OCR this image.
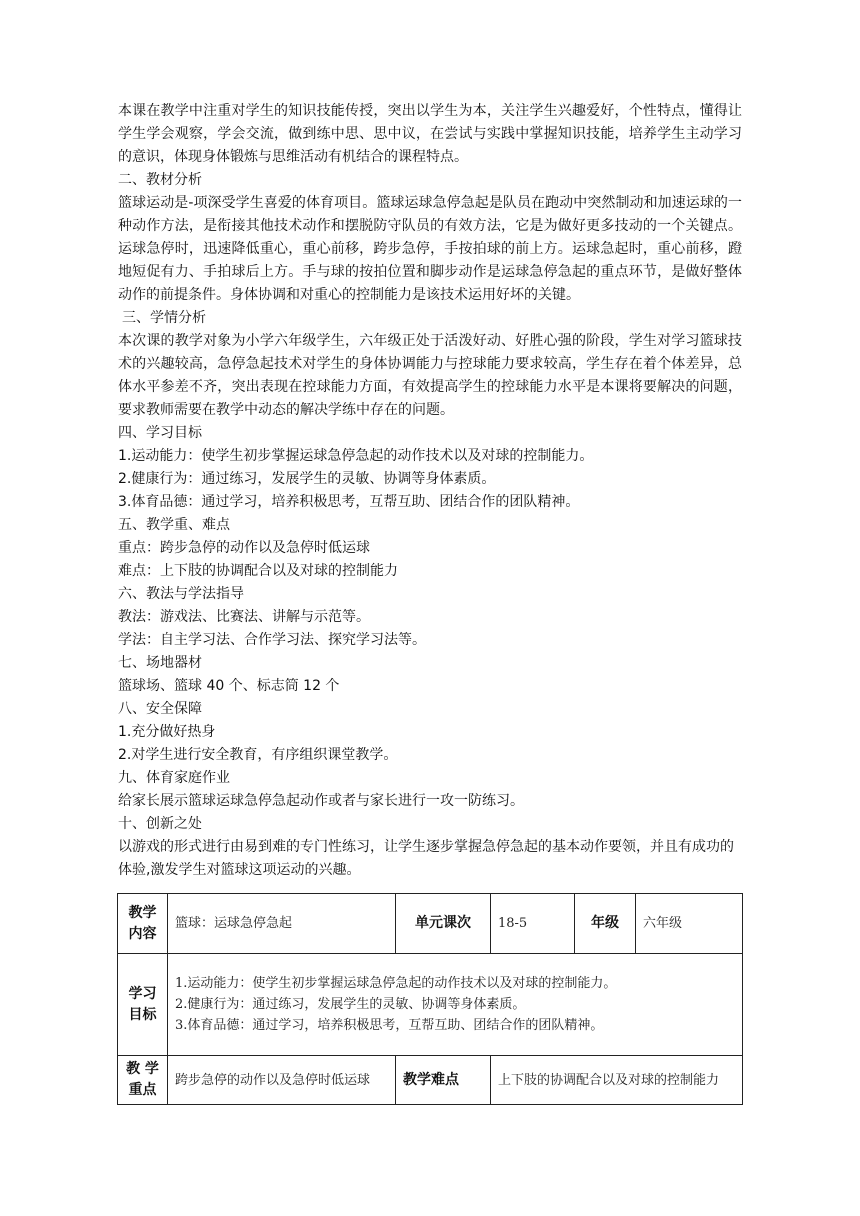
本课在教学中注重对学生的知识技能传授，突出以学生为本，关注学生兴趣爱好，个性特点，懂得让学生学会观察，学会交流，做到练中思、思中议，在尝试与实践中掌握知识技能，培养学生主动学习的意识，体现身体锻炼与思维活动有机结合的课程特点。

二、教材分析

篮球运动是-项深受学生喜爱的体育项目。篮球运球急停急起是队员在跑动中突然制动和加速运球的一种动作方法，是衔接其他技术动作和摆脱防守队员的有效方法，它是为做好更多技动的一个关键点。运球急停时，迅速降低重心，重心前移，跨步急停，手按拍球的前上方。运球急起时，重心前移，蹬地短促有力、手拍球后上方。手与球的按拍位置和脚步动作是运球急停急起的重点环节，是做好整体动作的前提条件。身体协调和对重心的控制能力是该技术运用好坏的关键。

三、学情分析

本次课的教学对象为小学六年级学生，六年级正处于活泼好动、好胜心强的阶段，学生对学习篮球技术的兴趣较高，急停急起技术对学生的身体协调能力与控球能力要求较高，学生存在着个体差异，总体水平参差不齐，突出表现在控球能力方面，有效提高学生的控球能力水平是本课将要解决的问题，要求教师需要在教学中动态的解决学练中存在的问题。

四、学习目标

1.运动能力：使学生初步掌握运球急停急起的动作技术以及对球的控制能力。

2.健康行为：通过练习，发展学生的灵敏、协调等身体素质。

3.体育品德：通过学习，培养积极思考，互帮互助、团结合作的团队精神。

五、教学重、难点

重点：跨步急停的动作以及急停时低运球

难点：上下肢的协调配合以及对球的控制能力

六、教法与学法指导

教法：游戏法、比赛法、讲解与示范等。

学法：自主学习法、合作学习法、探究学习法等。

七、场地器材

篮球场、篮球 40 个、标志筒 12 个

八、安全保障

1.充分做好热身

2.对学生进行安全教育，有序组织课堂教学。

九、体育家庭作业

给家长展示篮球运球急停急起动作或者与家长进行一攻一防练习。

十、创新之处

以游戏的形式进行由易到难的专门性练习，让学生逐步掌握急停急起的基本动作要领，并且有成功的体验,激发学生对篮球这项运动的兴趣。

教学内容	篮球：运球急停急起	单元课次	18-5	年级	六年级
学习目标	1.运动能力：使学生初步掌握运球急停急起的动作技术以及对球的控制能力。
2.健康行为：通过练习，发展学生的灵敏、协调等身体素质。
3.体育品德：通过学习，培养积极思考，互帮互助、团结合作的团队精神。				

教 学重点	跨步急停的动作以及急停时低运球	教学难点	上下肢的协调配合以及对球的控制能力		
